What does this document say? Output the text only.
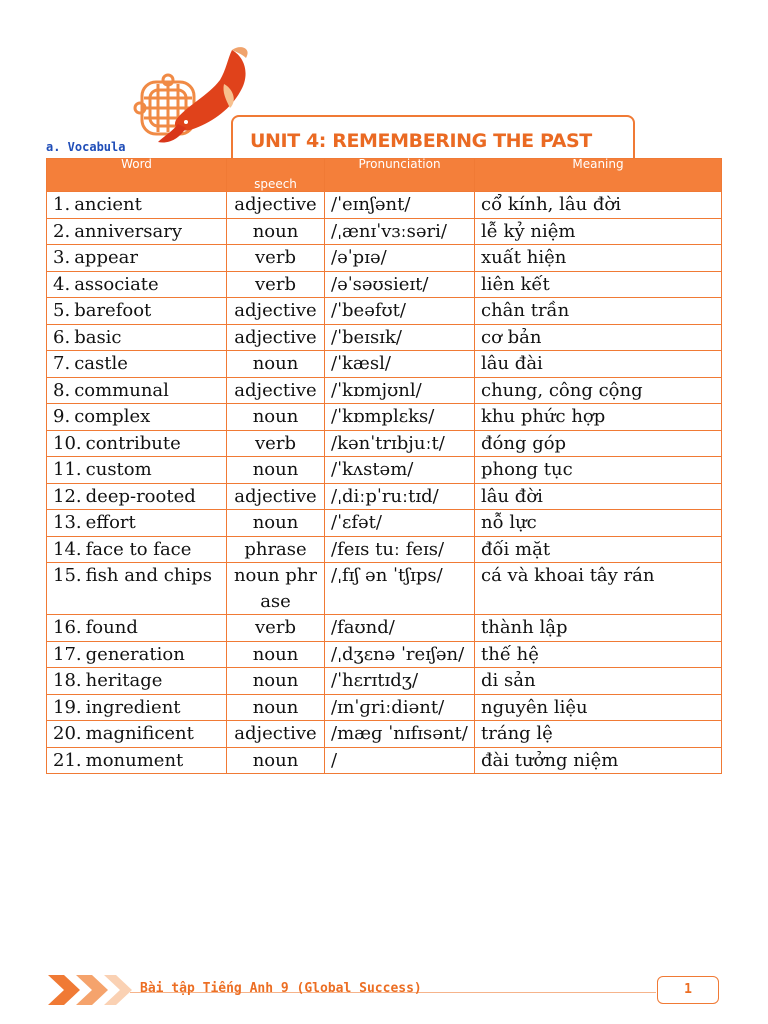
UNIT 4: REMEMBERING THE PAST
a. Vocabula
Word	speech	Pronunciation	Meaning
1. ancient	adjective	/ˈeɪnʃənt/	cổ kính, lâu đời
2. anniversary	noun	/ˌænɪˈvɜːsəri/	lễ kỷ niệm
3. appear	verb	/əˈpɪə/	xuất hiện
4. associate	verb	/əˈsəʊsieɪt/	liên kết
5. barefoot	adjective	/ˈbeəfʊt/	chân trần
6. basic	adjective	/ˈbeɪsɪk/	cơ bản
7. castle	noun	/ˈkæsl/	lâu đài
8. communal	adjective	/ˈkɒmjʊnl/	chung, công cộng
9. complex	noun	/ˈkɒmplɛks/	khu phức hợp
10. contribute	verb	/kənˈtrɪbjuːt/	đóng góp
11. custom	noun	/ˈkʌstəm/	phong tục
12. deep-rooted	adjective	/ˌdiːpˈruːtɪd/	lâu đời
13. effort	noun	/ˈɛfət/	nỗ lực
14. face to face	phrase	/feɪs tuː feɪs/	đối mặt
15. fish and chips	noun phrase	/ˌfɪʃ ən ˈtʃɪps/	cá và khoai tây rán
16. found	verb	/faʊnd/	thành lập
17. generation	noun	/ˌdʒɛnə ˈreɪʃən/	thế hệ
18. heritage	noun	/ˈhɛrɪtɪdʒ/	di sản
19. ingredient	noun	/ɪnˈɡriːdiənt/	nguyên liệu
20. magnificent	adjective	/mæɡ ˈnɪfɪsənt/	tráng lệ
21. monument	noun	/	đài tưởng niệm
Bài tập Tiếng Anh 9 (Global Success)	1
